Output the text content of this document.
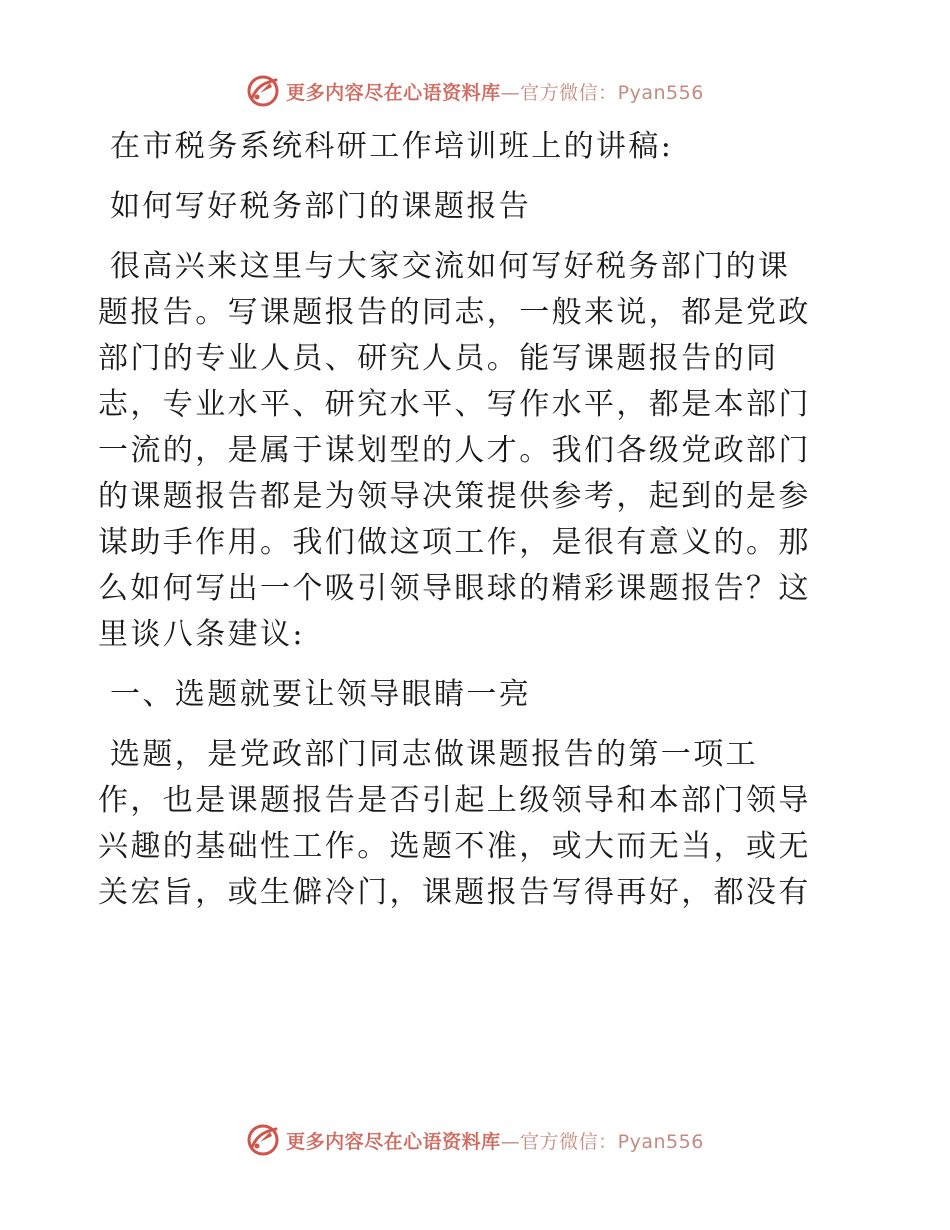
更多内容尽在心语资料库—官方微信：Pyan556
在市税务系统科研工作培训班上的讲稿:
如何写好税务部门的课题报告
很高兴来这里与大家交流如何写好税务部门的课
题报告。写课题报告的同志，一般来说，都是党政
部门的专业人员、研究人员。能写课题报告的同
志，专业水平、研究水平、写作水平，都是本部门
一流的，是属于谋划型的人才。我们各级党政部门
的课题报告都是为领导决策提供参考，起到的是参
谋助手作用。我们做这项工作，是很有意义的。那
么如何写出一个吸引领导眼球的精彩课题报告？这
里谈八条建议:
一、选题就要让领导眼睛一亮
选题，是党政部门同志做课题报告的第一项工
作，也是课题报告是否引起上级领导和本部门领导
兴趣的基础性工作。选题不准，或大而无当，或无
关宏旨，或生僻冷门，课题报告写得再好，都没有
更多内容尽在心语资料库—官方微信：Pyan556
